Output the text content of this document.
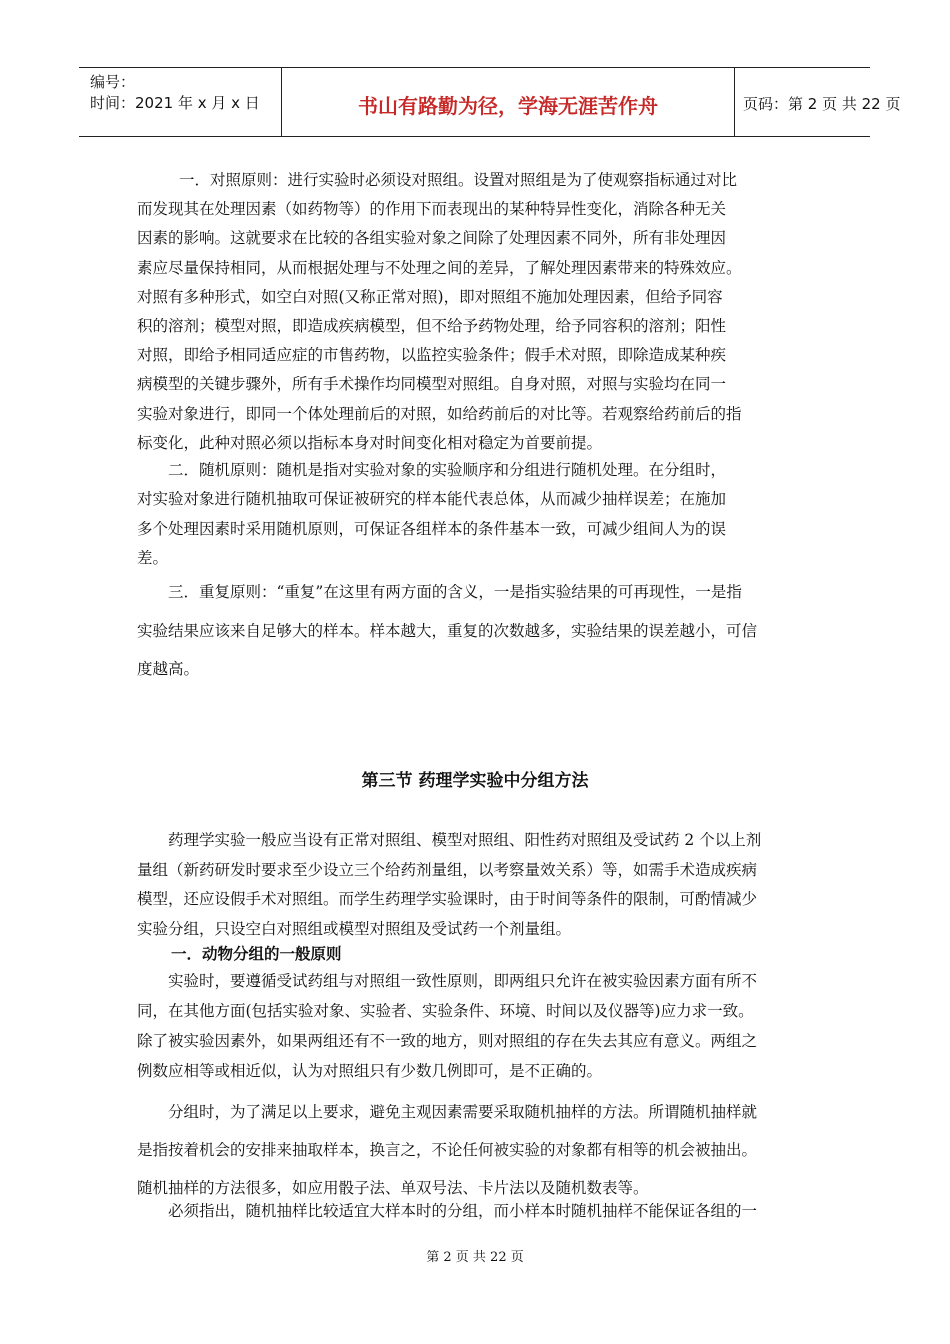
编号：
时间：2021 年 x 月 x 日	书山有路勤为径，学海无涯苦作舟	页码：第 2 页 共 22 页
一．对照原则：进行实验时必须设对照组。设置对照组是为了使观察指标通过对比
而发现其在处理因素（如药物等）的作用下而表现出的某种特异性变化，消除各种无关
因素的影响。这就要求在比较的各组实验对象之间除了处理因素不同外，所有非处理因
素应尽量保持相同，从而根据处理与不处理之间的差异，了解处理因素带来的特殊效应。
对照有多种形式，如空白对照(又称正常对照)，即对照组不施加处理因素，但给予同容
积的溶剂；模型对照，即造成疾病模型，但不给予药物处理，给予同容积的溶剂；阳性
对照，即给予相同适应症的市售药物，以监控实验条件；假手术对照，即除造成某种疾
病模型的关键步骤外，所有手术操作均同模型对照组。自身对照，对照与实验均在同一
实验对象进行，即同一个体处理前后的对照，如给药前后的对比等。若观察给药前后的指
标变化，此种对照必须以指标本身对时间变化相对稳定为首要前提。
二．随机原则：随机是指对实验对象的实验顺序和分组进行随机处理。在分组时，
对实验对象进行随机抽取可保证被研究的样本能代表总体，从而减少抽样误差；在施加
多个处理因素时采用随机原则，可保证各组样本的条件基本一致，可减少组间人为的误
差。
三．重复原则：“重复”在这里有两方面的含义，一是指实验结果的可再现性，一是指
实验结果应该来自足够大的样本。样本越大，重复的次数越多，实验结果的误差越小，可信
度越高。
第三节 药理学实验中分组方法
药理学实验一般应当设有正常对照组、模型对照组、阳性药对照组及受试药 2 个以上剂
量组（新药研发时要求至少设立三个给药剂量组，以考察量效关系）等，如需手术造成疾病
模型，还应设假手术对照组。而学生药理学实验课时，由于时间等条件的限制，可酌情减少
实验分组，只设空白对照组或模型对照组及受试药一个剂量组。
一．动物分组的一般原则
实验时，要遵循受试药组与对照组一致性原则，即两组只允许在被实验因素方面有所不
同，在其他方面(包括实验对象、实验者、实验条件、环境、时间以及仪器等)应力求一致。
除了被实验因素外，如果两组还有不一致的地方，则对照组的存在失去其应有意义。两组之
例数应相等或相近似，认为对照组只有少数几例即可，是不正确的。
分组时，为了满足以上要求，避免主观因素需要采取随机抽样的方法。所谓随机抽样就
是指按着机会的安排来抽取样本，换言之，不论任何被实验的对象都有相等的机会被抽出。
随机抽样的方法很多，如应用骰子法、单双号法、卡片法以及随机数表等。
必须指出，随机抽样比较适宜大样本时的分组，而小样本时随机抽样不能保证各组的一
第 2 页 共 22 页
